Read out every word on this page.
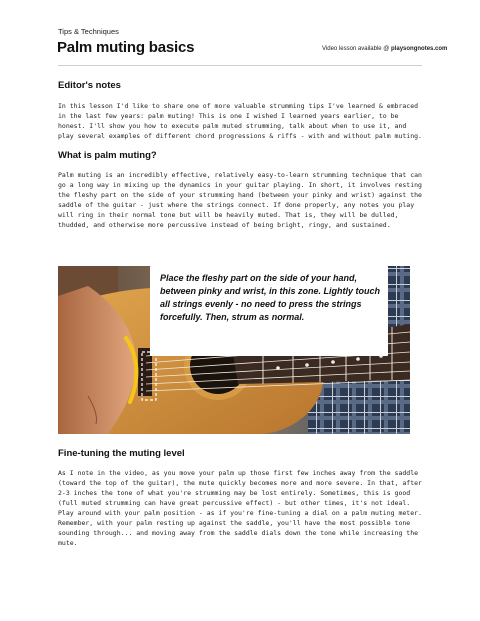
Tips & Techniques
Palm muting basics	Video lesson available @ playsongnotes.com
Editor's notes

In this lesson I'd like to share one of more valuable strumming tips I've learned & embraced in the last few years: palm muting! This is one I wished I learned years earlier, to be honest. I'll show you how to execute palm muted strumming, talk about when to use it, and play several examples of different chord progressions & riffs - with and without palm muting.

What is palm muting?

Palm muting is an incredibly effective, relatively easy-to-learn strumming technique that can go a long way in mixing up the dynamics in your guitar playing. In short, it involves resting the fleshy part on the side of your strumming hand (between your pinky and wrist) against the saddle of the guitar - just where the strings connect. If done properly, any notes you play will ring in their normal tone but will be heavily muted. That is, they will be dulled, thudded, and otherwise more percussive instead of being bright, ringy, and sustained.

Place the fleshy part on the side of your hand, between pinky and wrist, in this zone. Lightly touch all strings evenly - no need to press the strings forcefully. Then, strum as normal.
Fine-tuning the muting level

As I note in the video, as you move your palm up those first few inches away from the saddle (toward the top of the guitar), the mute quickly becomes more and more severe. In that, after 2-3 inches the tone of what you're strumming may be lost entirely. Sometimes, this is good (full muted strumming can have great percussive effect) - but other times, it's not ideal. Play around with your palm position - as if you're fine-tuning a dial on a palm muting meter. Remember, with your palm resting up against the saddle, you'll have the most possible tone sounding through... and moving away from the saddle dials down the tone while increasing the mute.
